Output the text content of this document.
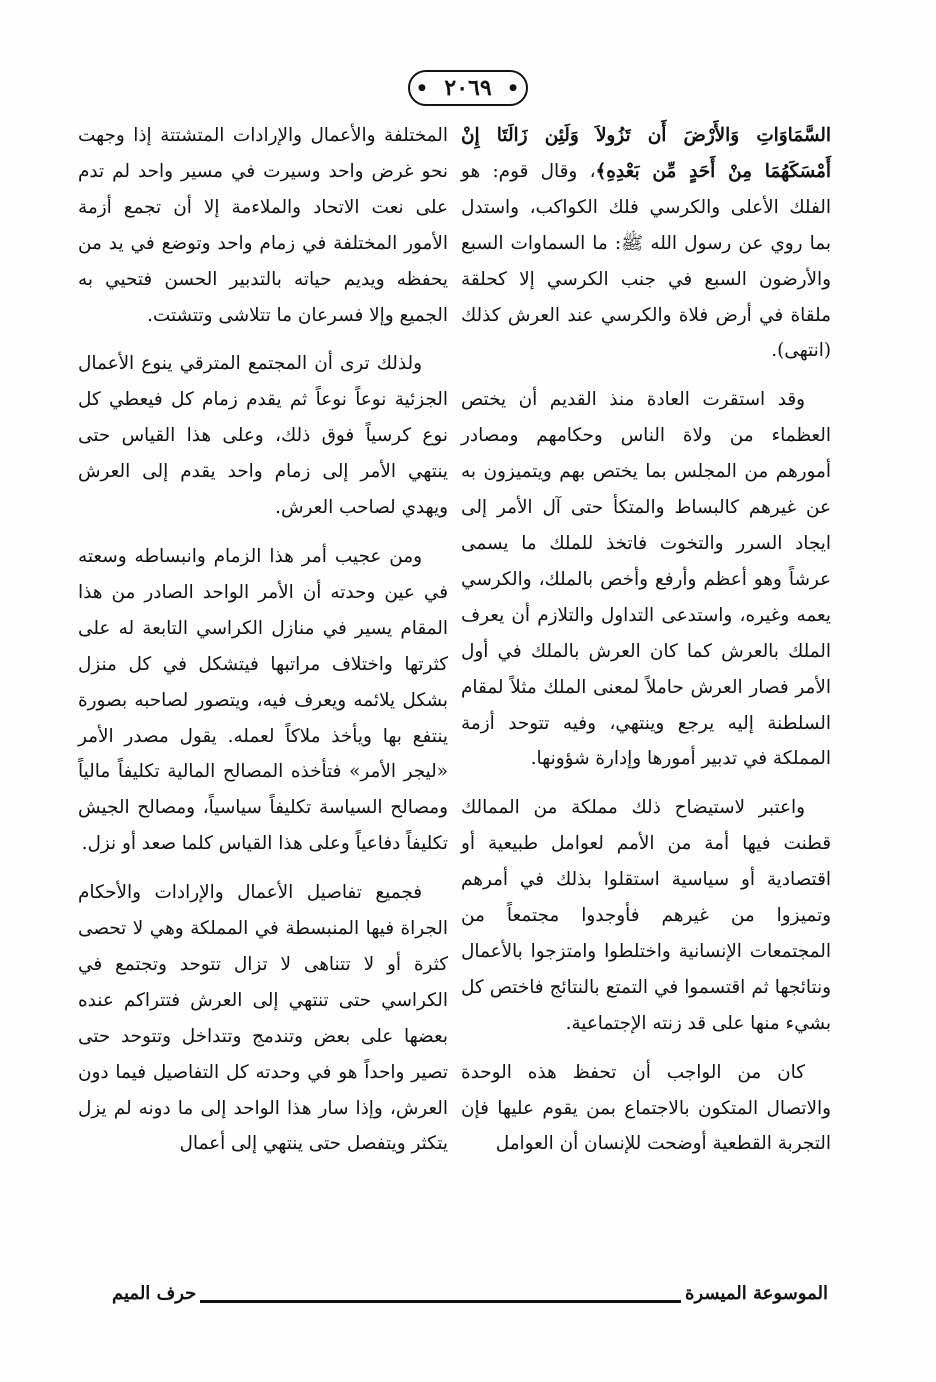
● ٢٠٦٩
●

السَّمَاوَاتِ وَالأَرْضَ أَن تَزُولاَ وَلَئِن زَالَتَا إِنْ أَمْسَكَهُمَا مِنْ أَحَدٍ مِّن بَعْدِهِ﴾، وقال قوم: هو الفلك الأعلى والكرسي فلك الكواكب، واستدل بما روي عن رسول الله ﷺ: ما السماوات السبع والأرضون السبع في جنب الكرسي إلا كحلقة ملقاة في أرض فلاة والكرسي عند العرش كذلك (انتهى).

وقد استقرت العادة منذ القديم أن يختص العظماء من ولاة الناس وحكامهم ومصادر أمورهم من المجلس بما يختص بهم ويتميزون به عن غيرهم كالبساط والمتكأ حتى آل الأمر إلى ايجاد السرر والتخوت فاتخذ للملك ما يسمى عرشاً وهو أعظم وأرفع وأخص بالملك، والكرسي يعمه وغيره، واستدعى التداول والتلازم أن يعرف الملك بالعرش كما كان العرش بالملك في أول الأمر فصار العرش حاملاً لمعنى الملك مثلاً لمقام السلطنة إليه يرجع وينتهي، وفيه تتوحد أزمة المملكة في تدبير أمورها وإدارة شؤونها.

واعتبر لاستيضاح ذلك مملكة من الممالك قطنت فيها أمة من الأمم لعوامل طبيعية أو اقتصادية أو سياسية استقلوا بذلك في أمرهم وتميزوا من غيرهم فأوجدوا مجتمعاً من المجتمعات الإنسانية واختلطوا وامتزجوا بالأعمال ونتائجها ثم اقتسموا في التمتع بالنتائج فاختص كل بشيء منها على قد زنته الإجتماعية.

كان من الواجب أن تحفظ هذه الوحدة والاتصال المتكون بالاجتماع بمن يقوم عليها فإن التجربة القطعية أوضحت للإنسان أن العوامل

المختلفة والأعمال والإرادات المتشتتة إذا وجهت نحو غرض واحد وسيرت في مسير واحد لم تدم على نعت الاتحاد والملاءمة إلا أن تجمع أزمة الأمور المختلفة في زمام واحد وتوضع في يد من يحفظه ويديم حياته بالتدبير الحسن فتحيي به الجميع وإلا فسرعان ما تتلاشى وتتشتت.

ولذلك ترى أن المجتمع المترقي ينوع الأعمال الجزئية نوعاً نوعاً ثم يقدم زمام كل فيعطي كل نوع كرسياً فوق ذلك، وعلى هذا القياس حتى ينتهي الأمر إلى زمام واحد يقدم إلى العرش ويهدي لصاحب العرش.

ومن عجيب أمر هذا الزمام وانبساطه وسعته في عين وحدته أن الأمر الواحد الصادر من هذا المقام يسير في منازل الكراسي التابعة له على كثرتها واختلاف مراتبها فيتشكل في كل منزل بشكل يلائمه ويعرف فيه، ويتصور لصاحبه بصورة ينتفع بها ويأخذ ملاكاً لعمله. يقول مصدر الأمر «ليجر الأمر» فتأخذه المصالح المالية تكليفاً مالياً ومصالح السياسة تكليفاً سياسياً، ومصالح الجيش تكليفاً دفاعياً وعلى هذا القياس كلما صعد أو نزل.

فجميع تفاصيل الأعمال والإرادات والأحكام الجراة فيها المنبسطة في المملكة وهي لا تحصى كثرة أو لا تتناهى لا تزال تتوحد وتجتمع في الكراسي حتى تنتهي إلى العرش فتتراكم عنده بعضها على بعض وتندمج وتتداخل وتتوحد حتى تصير واحداً هو في وحدته كل التفاصيل فيما دون العرش، وإذا سار هذا الواحد إلى ما دونه لم يزل يتكثر ويتفصل حتى ينتهي إلى أعمال

الموسوعة الميسرة
حرف الميم
